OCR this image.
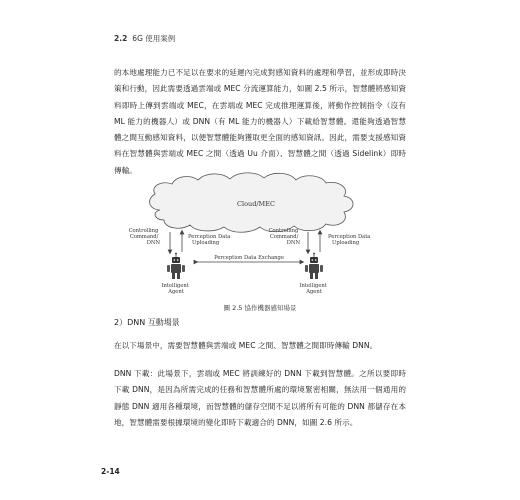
2.2 6G 使用案例
的本地處理能力已不足以在要求的延遲內完成對感知資料的處理和學習，並形成即時決策和行動，因此需要透過雲端或 MEC 分流運算能力，如圖 2.5 所示，智慧體將感知資料即時上傳到雲端或 MEC，在雲端或 MEC 完成推理運算後，將動作控制指令（沒有 ML 能力的機器人）或 DNN（有 ML 能力的機器人）下載給智慧體。還能夠透過智慧體之間互動感知資料，以便智慧體能夠獲取更全面的感知資訊。因此，需要支援感知資料在智慧體與雲端或 MEC 之間（透過 Uu 介面）、智慧體之間（透過 Sidelink）即時傳輸。
Cloud/MEC
Controlling Command/ DNN
Perception Data Uploading
Controlling Command/ DNN
Perception Data Uploading
Perception Data Exchange
Intelligent Agent
Intelligent Agent
圖 2.5 協作機器感知場景
2）DNN 互動場景
在以下場景中，需要智慧體與雲端或 MEC 之間、智慧體之間即時傳輸 DNN。
DNN 下載：此場景下，雲端或 MEC 將訓練好的 DNN 下載到智慧體。之所以要即時下載 DNN，是因為所需完成的任務和智慧體所處的環境緊密相關，無法用一個通用的靜態 DNN 適用各種環境，而智慧體的儲存空間不足以將所有可能的 DNN 都儲存在本地，智慧體需要根據環境的變化即時下載適合的 DNN，如圖 2.6 所示。
2-14
